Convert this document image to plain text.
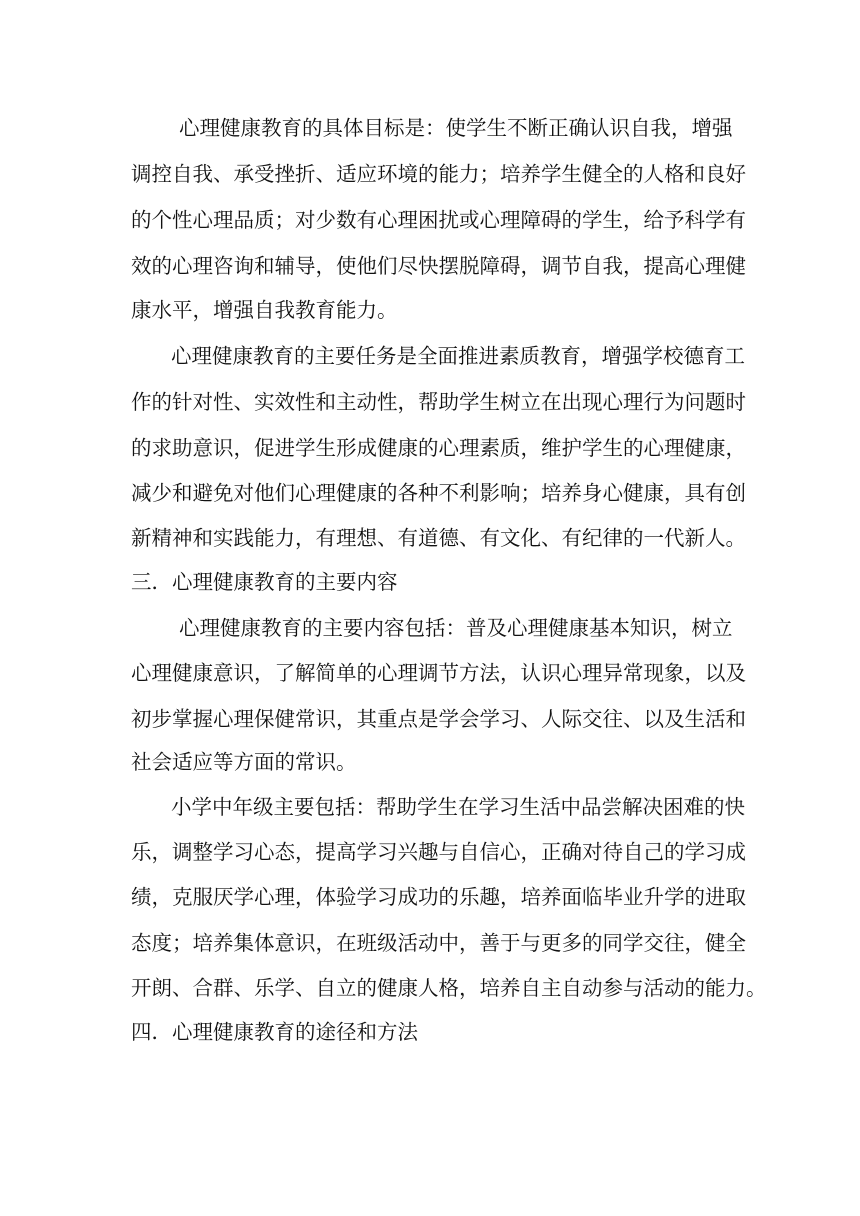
心理健康教育的具体目标是：使学生不断正确认识自我，增强
调控自我、承受挫折、适应环境的能力；培养学生健全的人格和良好
的个性心理品质；对少数有心理困扰或心理障碍的学生，给予科学有
效的心理咨询和辅导，使他们尽快摆脱障碍，调节自我，提高心理健
康水平，增强自我教育能力。
心理健康教育的主要任务是全面推进素质教育，增强学校德育工
作的针对性、实效性和主动性，帮助学生树立在出现心理行为问题时
的求助意识，促进学生形成健康的心理素质，维护学生的心理健康，
减少和避免对他们心理健康的各种不利影响；培养身心健康，具有创
新精神和实践能力，有理想、有道德、有文化、有纪律的一代新人。
三．心理健康教育的主要内容
心理健康教育的主要内容包括：普及心理健康基本知识，树立
心理健康意识，了解简单的心理调节方法，认识心理异常现象，以及
初步掌握心理保健常识，其重点是学会学习、人际交往、以及生活和
社会适应等方面的常识。
小学中年级主要包括：帮助学生在学习生活中品尝解决困难的快
乐，调整学习心态，提高学习兴趣与自信心，正确对待自己的学习成
绩，克服厌学心理，体验学习成功的乐趣，培养面临毕业升学的进取
态度；培养集体意识，在班级活动中，善于与更多的同学交往，健全
开朗、合群、乐学、自立的健康人格，培养自主自动参与活动的能力。
四．心理健康教育的途径和方法
